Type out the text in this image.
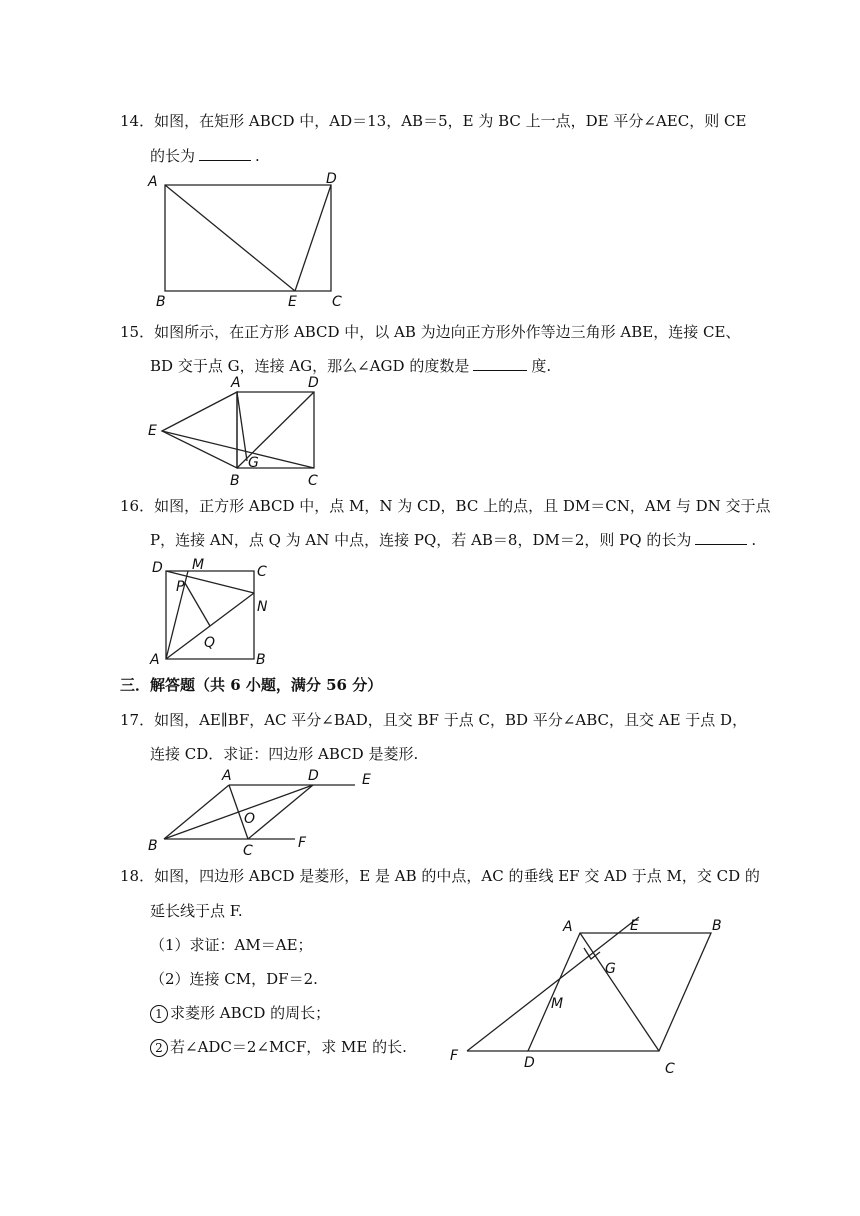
14．如图，在矩形 ABCD 中，AD＝13，AB＝5，E 为 BC 上一点，DE 平分∠AEC，则 CE
的长为	.
A	D
B	E	C
15．如图所示，在正方形 ABCD 中，以 AB 为边向正方形外作等边三角形 ABE，连接 CE、
BD 交于点 G，连接 AG，那么∠AGD 的度数是	度.
A	D
E
G
B	C
16．如图，正方形 ABCD 中，点 M，N 为 CD，BC 上的点，且 DM＝CN，AM 与 DN 交于点
P，连接 AN，点 Q 为 AN 中点，连接 PQ，若 AB＝8，DM＝2，则 PQ 的长为	.
D M	C
P
N
Q
A	B
三．解答题（共 6 小题，满分 56 分）
17．如图，AE∥BF，AC 平分∠BAD，且交 BF 于点 C，BD 平分∠ABC，且交 AE 于点 D，
连接 CD．求证：四边形 ABCD 是菱形.
A	D	E
O
B	C	F
18．如图，四边形 ABCD 是菱形，E 是 AB 的中点，AC 的垂线 EF 交 AD 于点 M，交 CD 的
延长线于点 F.
（1）求证：AM＝AE；
（2）连接 CM，DF＝2.
1 求菱形 ABCD 的周长；
2 若∠ADC＝2∠MCF，求 ME 的长.
A	E	B
G
M
F	D	C
